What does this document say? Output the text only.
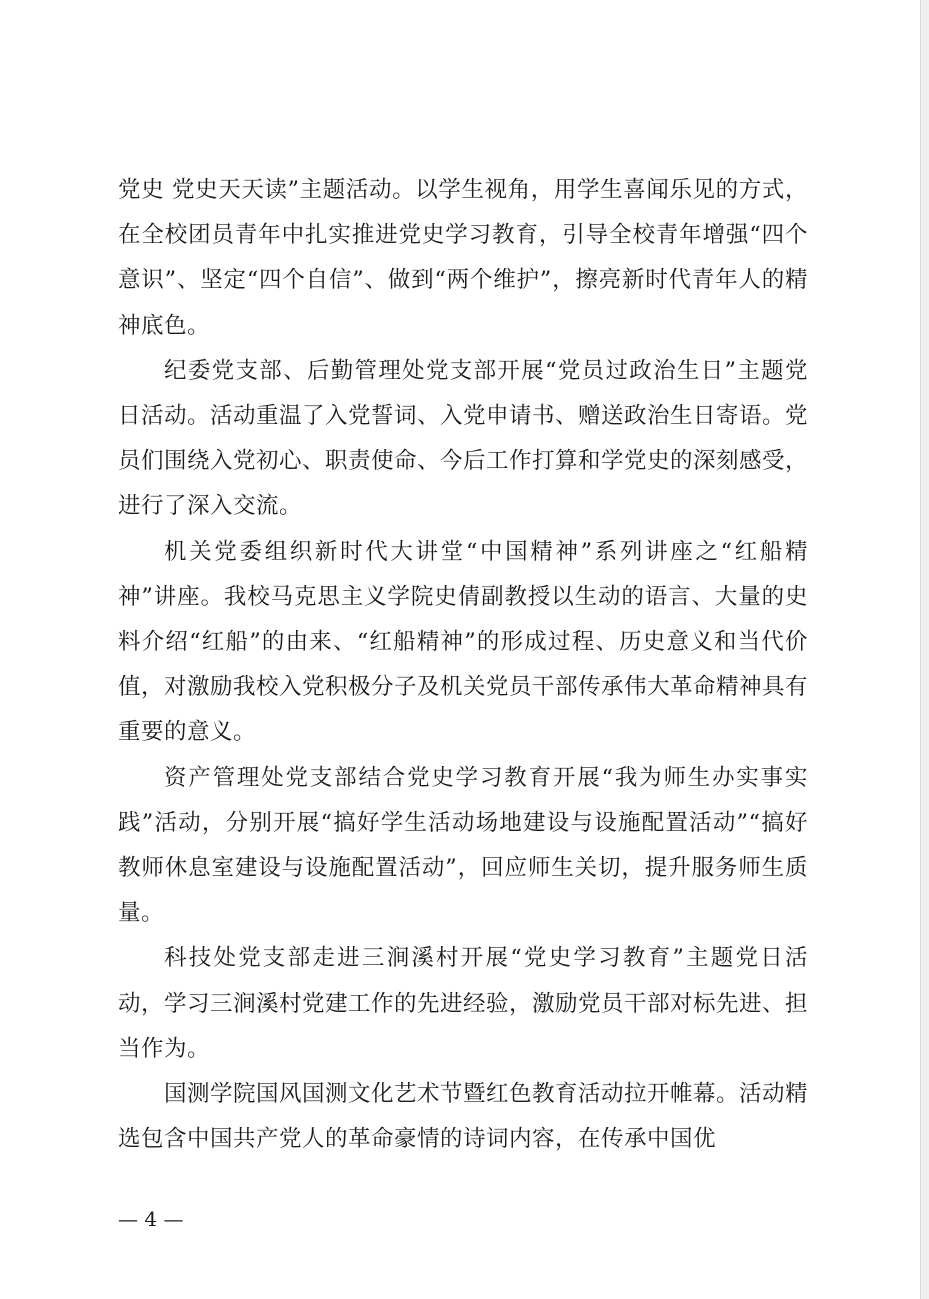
党史 党史天天读”主题活动。以学生视角，用学生喜闻乐见的方式，在全校团员青年中扎实推进党史学习教育，引导全校青年增强“四个意识”、坚定“四个自信”、做到“两个维护”，擦亮新时代青年人的精神底色。

纪委党支部、后勤管理处党支部开展“党员过政治生日”主题党日活动。活动重温了入党誓词、入党申请书、赠送政治生日寄语。党员们围绕入党初心、职责使命、今后工作打算和学党史的深刻感受，进行了深入交流。

机关党委组织新时代大讲堂“中国精神”系列讲座之“红船精神”讲座。我校马克思主义学院史倩副教授以生动的语言、大量的史料介绍“红船”的由来、“红船精神”的形成过程、历史意义和当代价值，对激励我校入党积极分子及机关党员干部传承伟大革命精神具有重要的意义。

资产管理处党支部结合党史学习教育开展“我为师生办实事实践”活动，分别开展“搞好学生活动场地建设与设施配置活动”“搞好教师休息室建设与设施配置活动”，回应师生关切，提升服务师生质量。

科技处党支部走进三涧溪村开展“党史学习教育”主题党日活动，学习三涧溪村党建工作的先进经验，激励党员干部对标先进、担当作为。

国测学院国风国测文化艺术节暨红色教育活动拉开帷幕。活动精选包含中国共产党人的革命豪情的诗词内容，在传承中国优

— 4 —
